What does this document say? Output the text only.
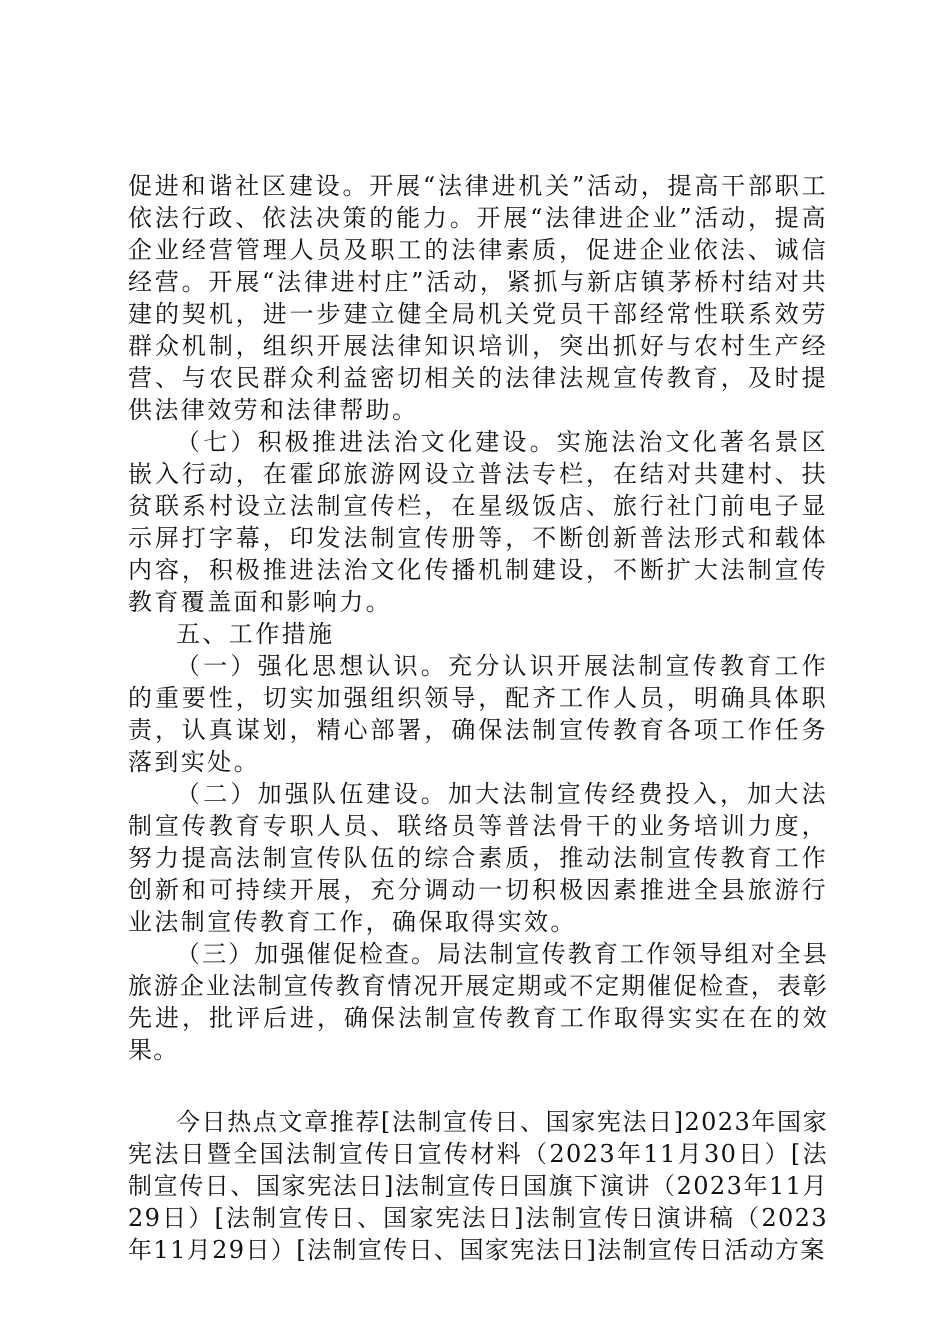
促进和谐社区建设。开展“法律进机关”活动，提高干部职工依法行政、依法决策的能力。开展“法律进企业”活动，提高企业经营管理人员及职工的法律素质，促进企业依法、诚信经营。开展“法律进村庄”活动，紧抓与新店镇茅桥村结对共建的契机，进一步建立健全局机关党员干部经常性联系效劳群众机制，组织开展法律知识培训，突出抓好与农村生产经营、与农民群众利益密切相关的法律法规宣传教育，及时提供法律效劳和法律帮助。

（七）积极推进法治文化建设。实施法治文化著名景区嵌入行动，在霍邱旅游网设立普法专栏，在结对共建村、扶贫联系村设立法制宣传栏，在星级饭店、旅行社门前电子显示屏打字幕，印发法制宣传册等，不断创新普法形式和载体内容，积极推进法治文化传播机制建设，不断扩大法制宣传教育覆盖面和影响力。

五、工作措施

（一）强化思想认识。充分认识开展法制宣传教育工作的重要性，切实加强组织领导，配齐工作人员，明确具体职责，认真谋划，精心部署，确保法制宣传教育各项工作任务落到实处。

（二）加强队伍建设。加大法制宣传经费投入，加大法制宣传教育专职人员、联络员等普法骨干的业务培训力度，努力提高法制宣传队伍的综合素质，推动法制宣传教育工作创新和可持续开展，充分调动一切积极因素推进全县旅游行业法制宣传教育工作，确保取得实效。

（三）加强催促检查。局法制宣传教育工作领导组对全县旅游企业法制宣传教育情况开展定期或不定期催促检查，表彰先进，批评后进，确保法制宣传教育工作取得实实在在的效果。

今日热点文章推荐[法制宣传日、国家宪法日]2023年国家宪法日暨全国法制宣传日宣传材料（2023年11月30日）[法制宣传日、国家宪法日]法制宣传日国旗下演讲（2023年11月29日）[法制宣传日、国家宪法日]法制宣传日演讲稿（2023年11月29日）[法制宣传日、国家宪法日]法制宣传日活动方案
